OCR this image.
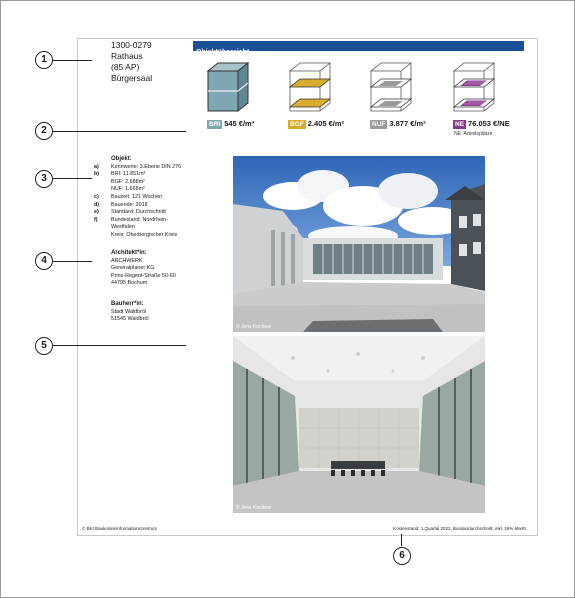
1
2
3
4
5
6
1300-0279
Rathaus
(85 AP)
Bürgersaal
Objektübersicht
BRI 545 €/m³	BGF 2.405 €/m²	NUF 3.877 €/m²	NE 76.053 €/NE
NE: Arbeitsplätze
Objekt:
a)	Kennwerte: 3.Ebene DIN 276
b)	BRI: 11.851m³
BGF: 2.688m²
NUF: 1.668m²
c)	Bauzeit: 121 Wochen
d)	Bauende: 2018
e)	Standard: Durchschnitt
f)	Bundesland: Nordrhein-
Westfalen
Kreis: Oberbergischer Kreis
Architekt*in:
ARCHWERK
Generalplaner KG
Prinz-Regent-Straße 50-60
44795 Bochum
Bauherr*in:
Stadt Waldbröl
51545 Waldbröl
© Jens Kirchner
© Jens Kirchner
© BKI Baukosteninformationszentrum	Kostenstand: 1.Quartal 2022, Bundesdurchschnitt, inkl. 19% MwSt.
